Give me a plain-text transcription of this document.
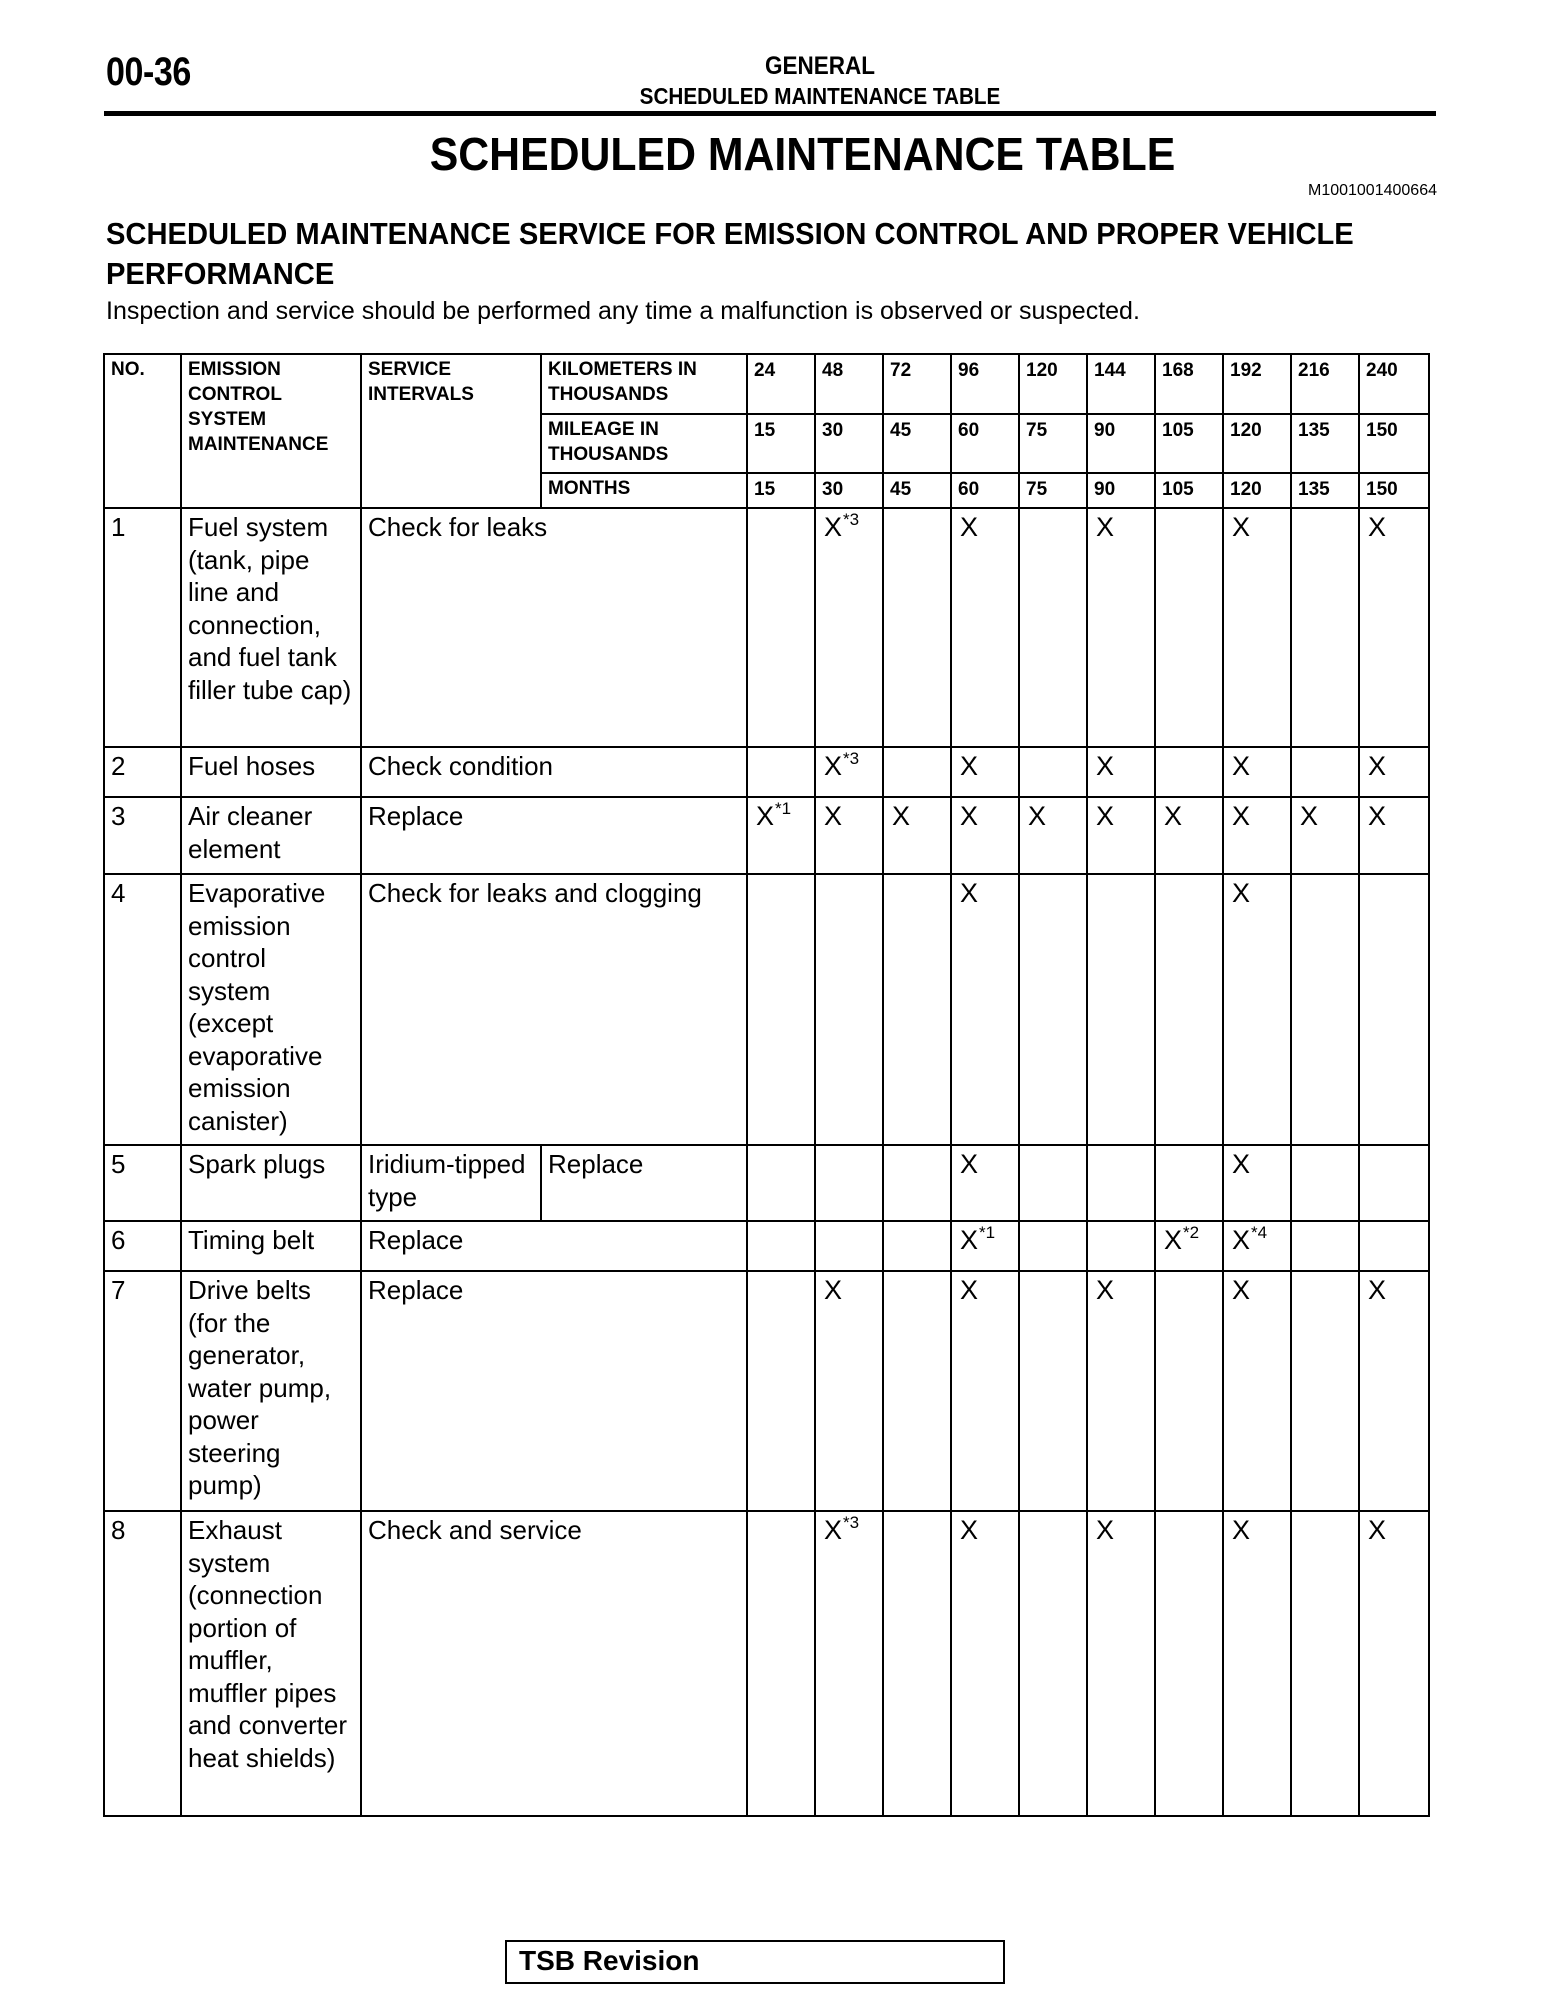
00-36	GENERAL
SCHEDULED MAINTENANCE TABLE
SCHEDULED MAINTENANCE TABLE
M1001001400664
SCHEDULED MAINTENANCE SERVICE FOR EMISSION CONTROL AND PROPER VEHICLE PERFORMANCE
Inspection and service should be performed any time a malfunction is observed or suspected.
NO.	EMISSION CONTROL SYSTEM MAINTENANCE	SERVICE INTERVALS	KILOMETERS IN THOUSANDS	24	48	72	96	120	144	168	192	216	240
			MILEAGE IN THOUSANDS	15	30	45	60	75	90	105	120	135	150
			MONTHS	15	30	45	60	75	90	105	120	135	150
1	Fuel system (tank, pipe line and connection, and fuel tank filler tube cap)	Check for leaks			$X^{*3}$		X		X		X		X
2	Fuel hoses	Check condition			$X^{*3}$		X		X		X		X
3	Air cleaner element	Replace		$X^{*1}$	X	X	X	X	X	X	X	X	X
4	Evaporative emission control system (except evaporative emission canister)	Check for leaks and clogging					X				X		
5	Spark plugs	Iridium-tipped type	Replace				X				X		
6	Timing belt	Replace					$X^{*1}$			$X^{*2}$	$X^{*4}$		
7	Drive belts (for the generator, water pump, power steering pump)	Replace			X		X		X		X		X
8	Exhaust system (connection portion of muffler, muffler pipes and converter heat shields)	Check and service			$X^{*3}$		X		X		X		X
TSB Revision
